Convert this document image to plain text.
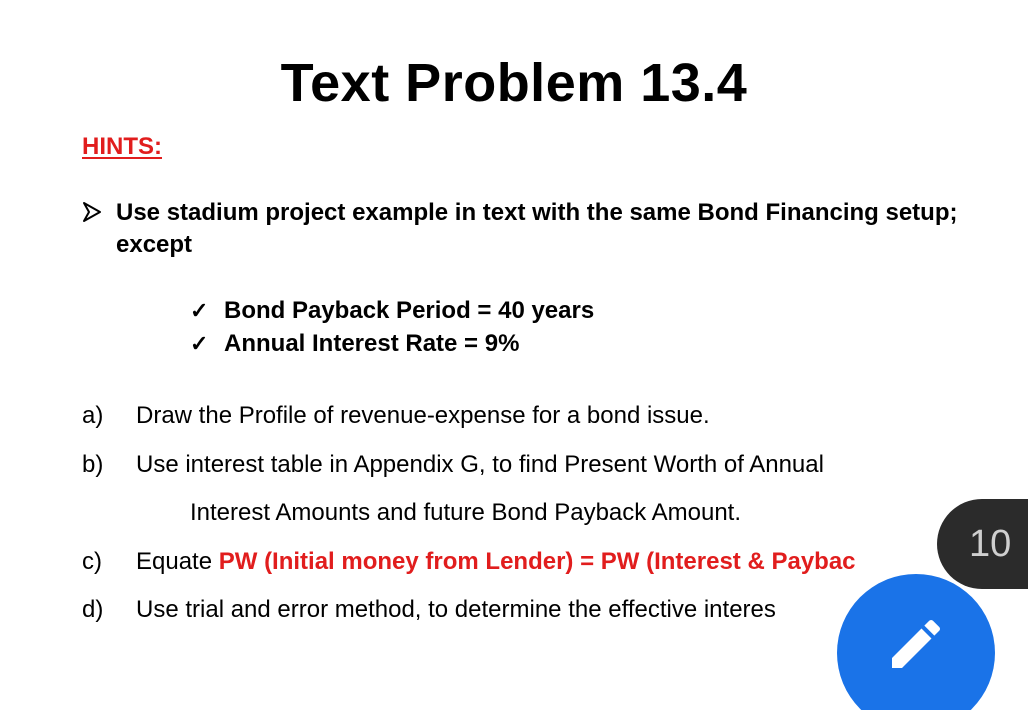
Text Problem 13.4
HINTS:
Use stadium project example in text with the same Bond Financing setup; except
✓ Bond Payback Period = 40 years
✓ Annual Interest Rate = 9%
a) Draw the Profile of revenue-expense for a bond issue.
b) Use interest table in Appendix G, to find Present Worth of Annual
Interest Amounts and future Bond Payback Amount.
c) Equate PW (Initial money from Lender) = PW (Interest & Paybac
d) Use trial and error method, to determine the effective interes
10
